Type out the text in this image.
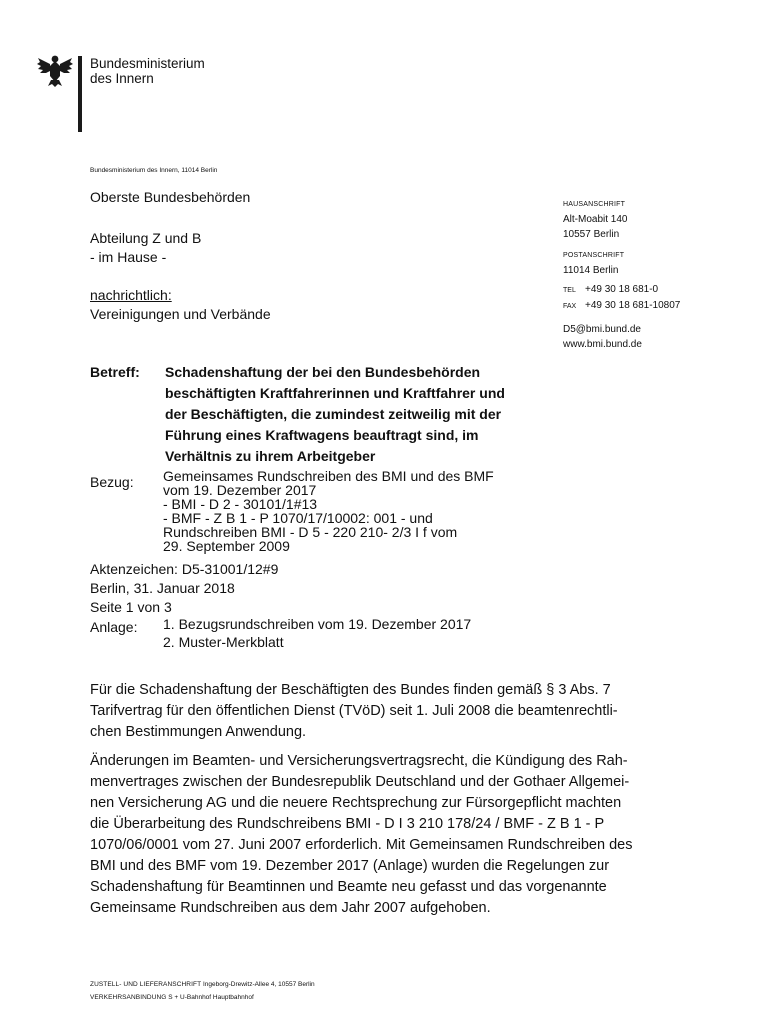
Bundesministerium
des Innern
Bundesministerium des Innern, 11014 Berlin
Oberste Bundesbehörden
Abteilung Z und B
- im Hause -
nachrichtlich:
Vereinigungen und Verbände
HAUSANSCHRIFT
Alt-Moabit 140
10557 Berlin
POSTANSCHRIFT
11014 Berlin
TEL +49 30 18 681-0
FAX +49 30 18 681-10807
D5@bmi.bund.de
www.bmi.bund.de
Betreff: Schadenshaftung der bei den Bundesbehörden
beschäftigten Kraftfahrerinnen und Kraftfahrer und
der Beschäftigten, die zumindest zeitweilig mit der
Führung eines Kraftwagens beauftragt sind, im
Verhältnis zu ihrem Arbeitgeber
Bezug: Gemeinsames Rundschreiben des BMI und des BMF
vom 19. Dezember 2017
- BMI - D 2 - 30101/1#13
- BMF - Z B 1 - P 1070/17/10002: 001 - und
Rundschreiben BMI - D 5 - 220 210- 2/3 I f vom
29. September 2009
Aktenzeichen: D5-31001/12#9
Berlin, 31. Januar 2018
Seite 1 von 3
Anlage: 1. Bezugsrundschreiben vom 19. Dezember 2017
2. Muster-Merkblatt
Für die Schadenshaftung der Beschäftigten des Bundes finden gemäß § 3 Abs. 7
Tarifvertrag für den öffentlichen Dienst (TVöD) seit 1. Juli 2008 die beamtenrechtli-
chen Bestimmungen Anwendung.
Änderungen im Beamten- und Versicherungsvertragsrecht, die Kündigung des Rah-
menvertrages zwischen der Bundesrepublik Deutschland und der Gothaer Allgemei-
nen Versicherung AG und die neuere Rechtsprechung zur Fürsorgepflicht machten
die Überarbeitung des Rundschreibens BMI - D I 3 210 178/24 / BMF - Z B 1 - P
1070/06/0001 vom 27. Juni 2007 erforderlich. Mit Gemeinsamen Rundschreiben des
BMI und des BMF vom 19. Dezember 2017 (Anlage) wurden die Regelungen zur
Schadenshaftung für Beamtinnen und Beamte neu gefasst und das vorgenannte
Gemeinsame Rundschreiben aus dem Jahr 2007 aufgehoben.
ZUSTELL- UND LIEFERANSCHRIFT Ingeborg-Drewitz-Allee 4, 10557 Berlin
VERKEHRSANBINDUNG S + U-Bahnhof Hauptbahnhof
